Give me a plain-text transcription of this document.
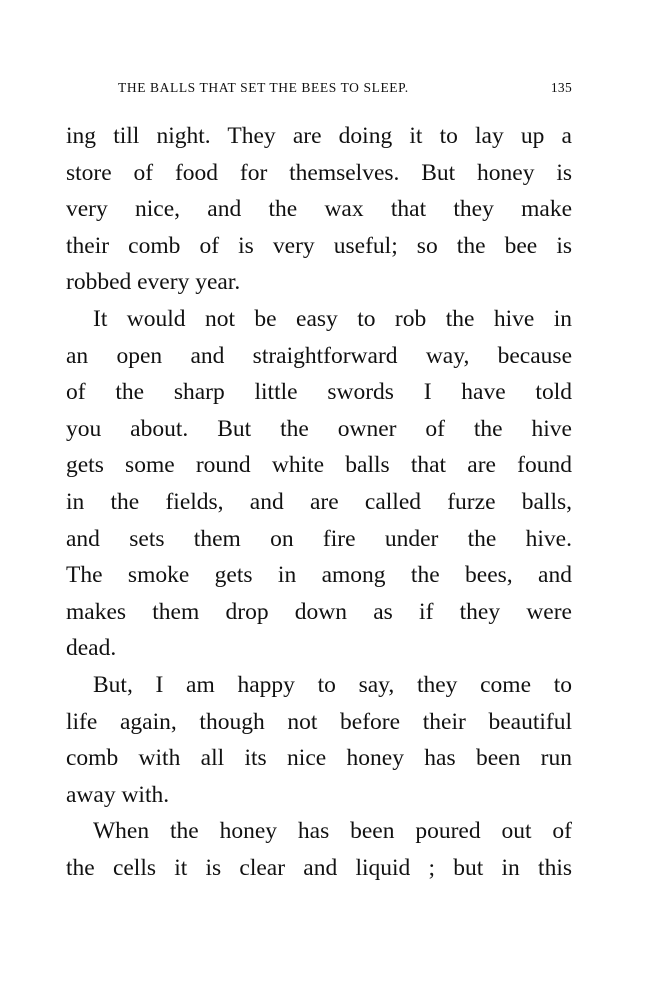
THE BALLS THAT SET THE BEES TO SLEEP.	135
ing till night. They are doing it to lay up a
store of food for themselves. But honey is
very nice, and the wax that they make
their comb of is very useful; so the bee is
robbed every year.
It would not be easy to rob the hive in
an open and straightforward way, because
of the sharp little swords I have told
you about. But the owner of the hive
gets some round white balls that are found
in the fields, and are called furze balls,
and sets them on fire under the hive.
The smoke gets in among the bees, and
makes them drop down as if they were
dead.
But, I am happy to say, they come to
life again, though not before their beautiful
comb with all its nice honey has been run
away with.
When the honey has been poured out of
the cells it is clear and liquid ; but in this
